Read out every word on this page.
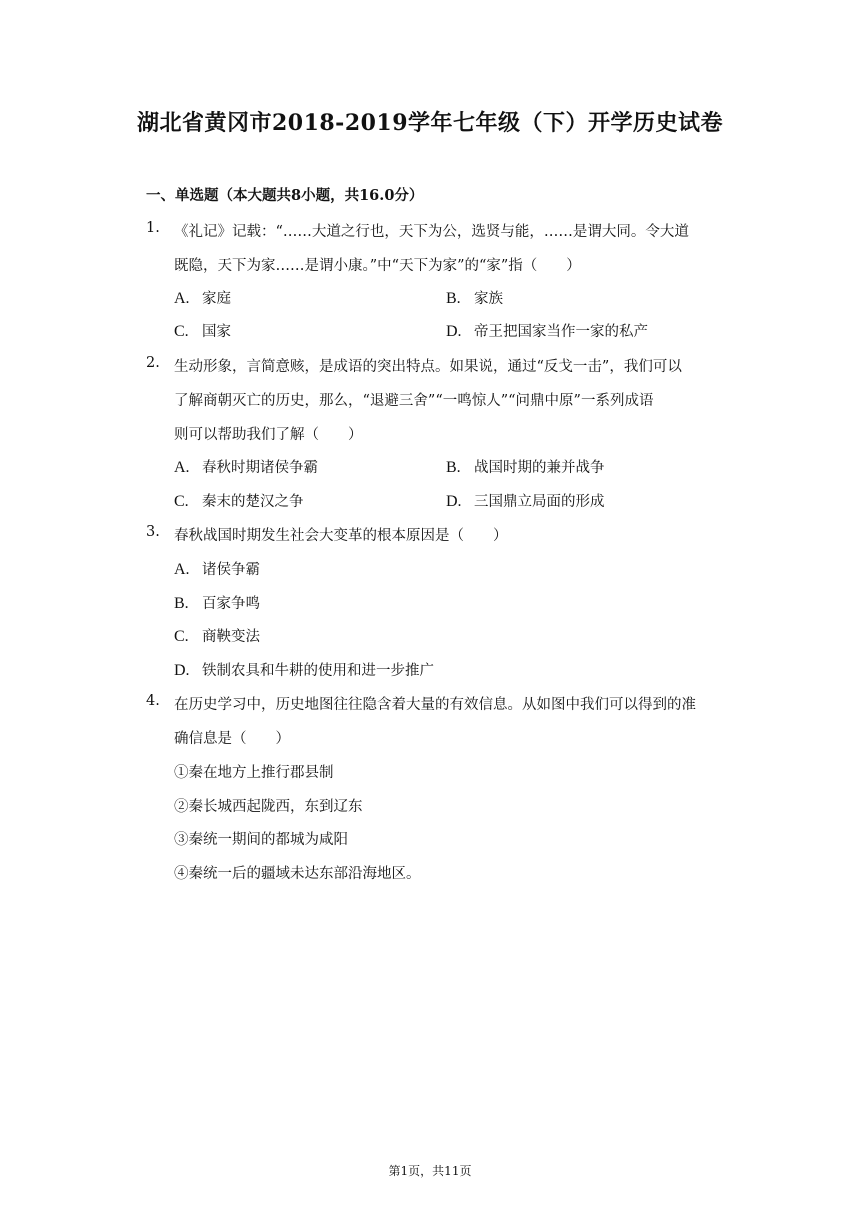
湖北省黄冈市2018-2019学年七年级（下）开学历史试卷
一、单选题（本大题共8小题，共16.0分）
1. 《礼记》记载：“……大道之行也，天下为公，选贤与能，……是谓大同。令大道
既隐，天下为家……是谓小康。”中“天下为家”的“家”指（　　）
A. 家庭	B. 家族
C. 国家	D. 帝王把国家当作一家的私产
2. 生动形象，言简意赅，是成语的突出特点。如果说，通过“反戈一击”，我们可以
了解商朝灭亡的历史，那么，“退避三舍”“一鸣惊人”“问鼎中原”一系列成语
则可以帮助我们了解（　　）
A. 春秋时期诸侯争霸	B. 战国时期的兼并战争
C. 秦末的楚汉之争	D. 三国鼎立局面的形成
3. 春秋战国时期发生社会大变革的根本原因是（　　）
A. 诸侯争霸
B. 百家争鸣
C. 商鞅变法
D. 铁制农具和牛耕的使用和进一步推广
4. 在历史学习中，历史地图往往隐含着大量的有效信息。从如图中我们可以得到的准
确信息是（　　）
①秦在地方上推行郡县制
②秦长城西起陇西，东到辽东
③秦统一期间的都城为咸阳
④秦统一后的疆域未达东部沿海地区。
第1页，共11页
